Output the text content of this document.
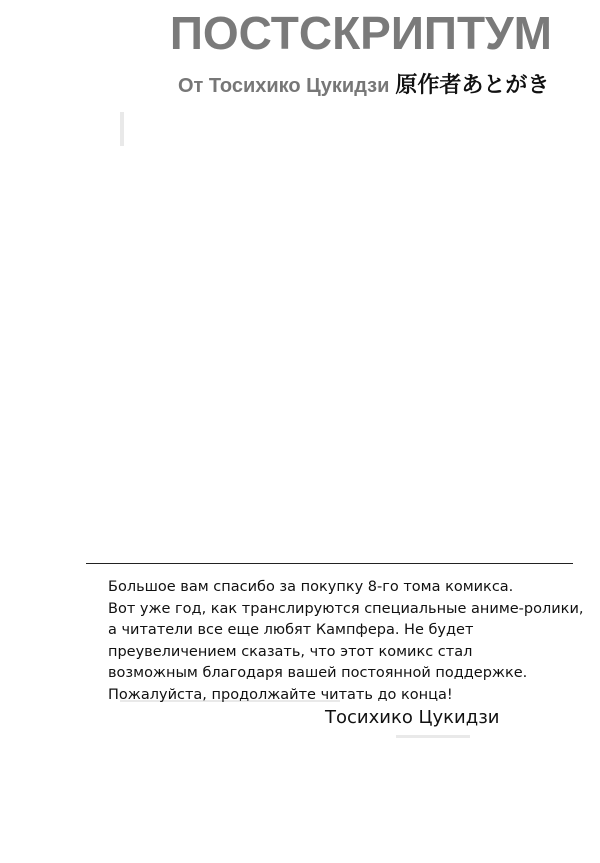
ПОСТСКРИПТУМ
От Тосихико Цукидзи 原作者あとがき
Большое вам спасибо за покупку 8-го тома комикса.
Вот уже год, как транслируются специальные аниме-ролики,
а читатели все еще любят Кампфера. Не будет
преувеличением сказать, что этот комикс стал
возможным благодаря вашей постоянной поддержке.
Пожалуйста, продолжайте читать до конца!
Тосихико Цукидзи
